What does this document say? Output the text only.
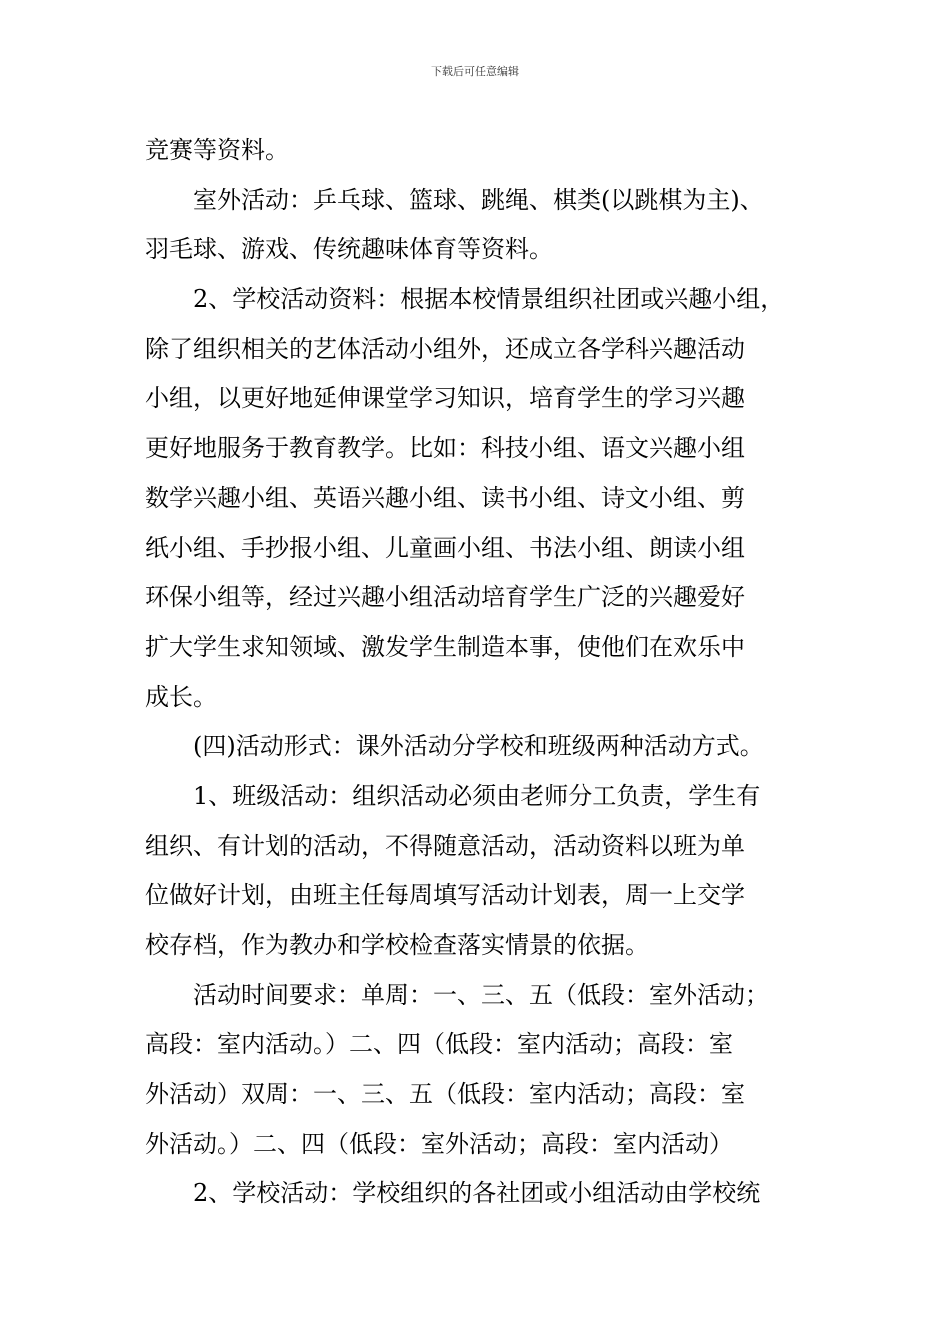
下载后可任意编辑
竞赛等资料。
室外活动：乒乓球、篮球、跳绳、棋类(以跳棋为主)、
羽毛球、游戏、传统趣味体育等资料。
2、学校活动资料：根据本校情景组织社团或兴趣小组，
除了组织相关的艺体活动小组外，还成立各学科兴趣活动
小组，以更好地延伸课堂学习知识，培育学生的学习兴趣
更好地服务于教育教学。比如：科技小组、语文兴趣小组
数学兴趣小组、英语兴趣小组、读书小组、诗文小组、剪
纸小组、手抄报小组、儿童画小组、书法小组、朗读小组
环保小组等，经过兴趣小组活动培育学生广泛的兴趣爱好
扩大学生求知领域、激发学生制造本事，使他们在欢乐中
成长。
(四)活动形式：课外活动分学校和班级两种活动方式。
1、班级活动：组织活动必须由老师分工负责，学生有
组织、有计划的活动，不得随意活动，活动资料以班为单
位做好计划，由班主任每周填写活动计划表，周一上交学
校存档，作为教办和学校检查落实情景的依据。
活动时间要求：单周：一、三、五（低段：室外活动；
高段：室内活动。）二、四（低段：室内活动；高段：室
外活动）双周：一、三、五（低段：室内活动；高段：室
外活动。）二、四（低段：室外活动；高段：室内活动）
2、学校活动：学校组织的各社团或小组活动由学校统
